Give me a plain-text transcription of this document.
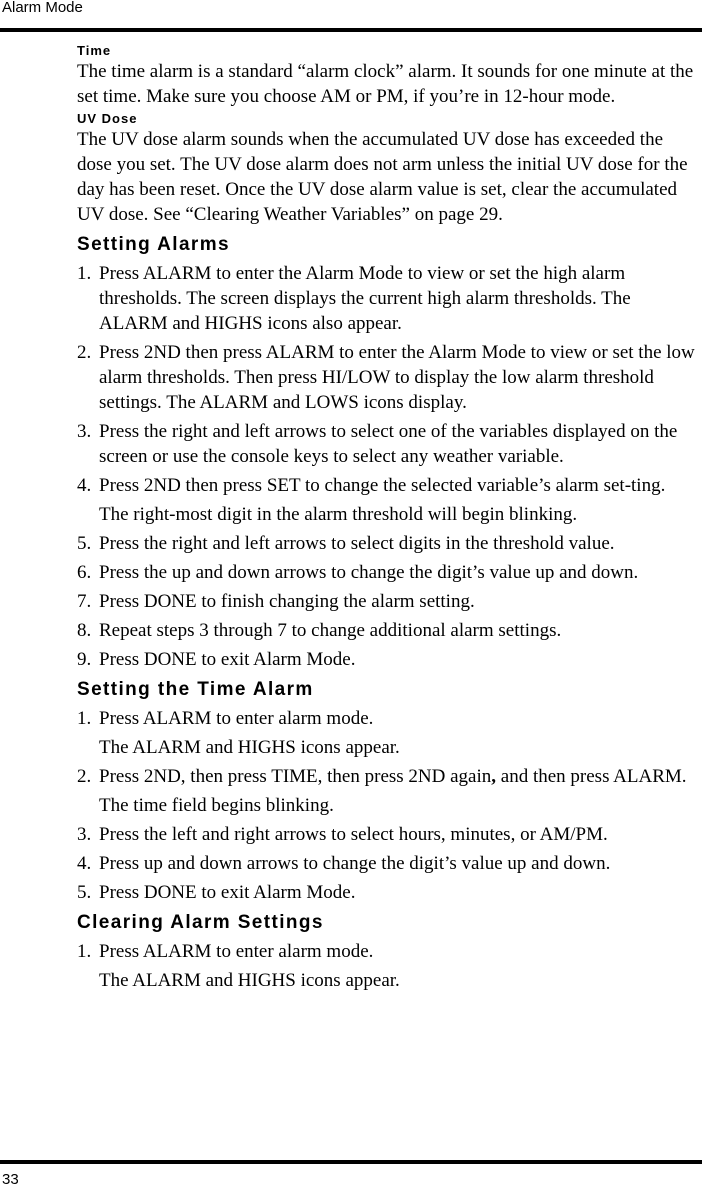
Alarm Mode
Time
The time alarm is a standard “alarm clock” alarm. It sounds for one minute at the set time. Make sure you choose AM or PM, if you’re in 12-hour mode.
UV Dose
The UV dose alarm sounds when the accumulated UV dose has exceeded the dose you set. The UV dose alarm does not arm unless the initial UV dose for the day has been reset. Once the UV dose alarm value is set, clear the accumulated UV dose. See “Clearing Weather Variables” on page 29.
Setting Alarms
1. Press ALARM to enter the Alarm Mode to view or set the high alarm thresholds. The screen displays the current high alarm thresholds. The ALARM and HIGHS icons also appear.
2. Press 2ND then press ALARM to enter the Alarm Mode to view or set the low alarm thresholds. Then press HI/LOW to display the low alarm threshold settings. The ALARM and LOWS icons display.
3. Press the right and left arrows to select one of the variables displayed on the screen or use the console keys to select any weather variable.
4. Press 2ND then press SET to change the selected variable’s alarm set-ting.
The right-most digit in the alarm threshold will begin blinking.
5. Press the right and left arrows to select digits in the threshold value.
6. Press the up and down arrows to change the digit’s value up and down.
7. Press DONE to finish changing the alarm setting.
8. Repeat steps 3 through 7 to change additional alarm settings.
9. Press DONE to exit Alarm Mode.
Setting the Time Alarm
1. Press ALARM to enter alarm mode.
The ALARM and HIGHS icons appear.
2. Press 2ND, then press TIME, then press 2ND again, and then press ALARM.
The time field begins blinking.
3. Press the left and right arrows to select hours, minutes, or AM/PM.
4. Press up and down arrows to change the digit’s value up and down.
5. Press DONE to exit Alarm Mode.
Clearing Alarm Settings
1. Press ALARM to enter alarm mode.
The ALARM and HIGHS icons appear.
33
